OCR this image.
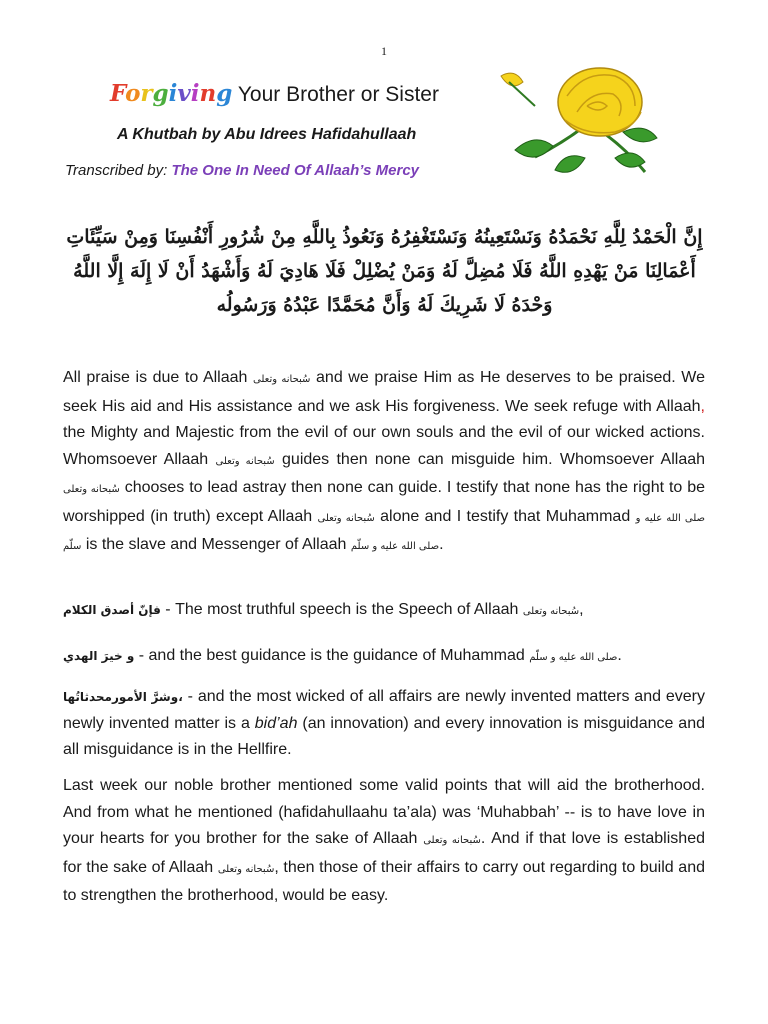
1
Forgiving Your Brother or Sister
A Khutbah by Abu Idrees Hafidahullaah
Transcribed by: The One In Need Of Allaah’s Mercy
إِنَّ الْحَمْدُ لِلَّهِ نَحْمَدُهُ وَنَسْتَعِينُهُ وَنَسْتَغْفِرُهُ وَنَعُوذُ بِاللَّهِ مِنْ شُرُورِ أَنْفُسِنَا وَمِنْ سَيِّئَاتِ أَعْمَالِنَا مَنْ يَهْدِهِ اللَّهُ فَلَا مُضِلَّ لَهُ وَمَنْ يُضْلِلْ فَلَا هَادِيَ لَهُ وَأَشْهَدُ أَنْ لَا إِلَهَ إِلَّا اللَّهُ وَحْدَهُ لَا شَرِيكَ لَهُ وَأَنَّ مُحَمَّدًا عَبْدُهُ وَرَسُولُه
All praise is due to Allaah سُبحانه وتعلى and we praise Him as He deserves to be praised. We seek His aid and His assistance and we ask His forgiveness. We seek refuge with Allaah, the Mighty and Majestic from the evil of our own souls and the evil of our wicked actions. Whomsoever Allaah سُبحانه وتعلى guides then none can misguide him. Whomsoever Allaah سُبحانه وتعلى chooses to lead astray then none can guide. I testify that none has the right to be worshipped (in truth) except Allaah سُبحانه وتعلى alone and I testify that Muhammad صلى الله عليه و سلّم is the slave and Messenger of Allaah صلى الله عليه و سلّم.
فإنّ أصدق الكلام - The most truthful speech is the Speech of Allaah سُبحانه وتعلى,
و خيرَ الهدي - and the best guidance is the guidance of Muhammad صلى الله عليه و سلّم.
وشرَّ الأمورمحدثاتُها، - and the most wicked of all affairs are newly invented matters and every newly invented matter is a bid’ah (an innovation) and every innovation is misguidance and all misguidance is in the Hellfire.
Last week our noble brother mentioned some valid points that will aid the brotherhood. And from what he mentioned (hafidahullaahu ta’ala) was ‘Muhabbah’ -- is to have love in your hearts for you brother for the sake of Allaah سُبحانه وتعلى. And if that love is established for the sake of Allaah سُبحانه وتعلى, then those of their affairs to carry out regarding to build and to strengthen the brotherhood, would be easy.
